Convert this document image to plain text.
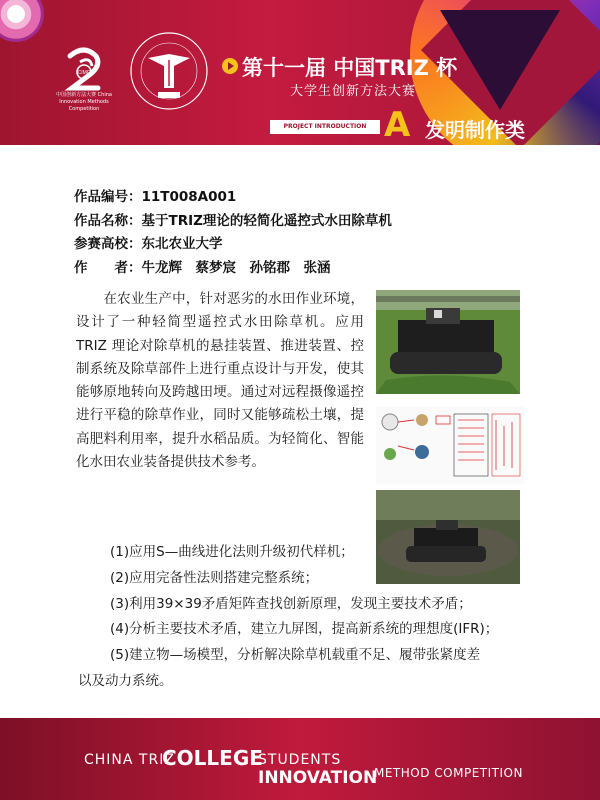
CIMC
中国创新方法大赛 China Innovation Methods Competition
第十一届 中国TRIZ 杯
大学生创新方法大赛
PROJECT INTRODUCTION A 发明制作类
作品编号：11T008A001
作品名称：基于TRIZ理论的轻简化遥控式水田除草机
参赛高校：东北农业大学
作　　者：牛龙辉　蔡梦宸　孙铭郡　张涵
　　在农业生产中，针对恶劣的水田作业环境，设计了一种轻简型遥控式水田除草机。应用 TRIZ 理论对除草机的悬挂装置、推进装置、控制系统及除草部件上进行重点设计与开发，使其能够原地转向及跨越田埂。通过对远程摄像遥控进行平稳的除草作业，同时又能够疏松土壤，提高肥料利用率，提升水稻品质。为轻简化、智能化水田农业装备提供技术参考。
(1)应用S—曲线进化法则升级初代样机；
(2)应用完备性法则搭建完整系统；
(3)利用39×39矛盾矩阵查找创新原理，发现主要技术矛盾；
(4)分析主要技术矛盾，建立九屏图，提高新系统的理想度(IFR)；
(5)建立物—场模型，分析解决除草机载重不足、履带张紧度差
以及动力系统。
CHINA TRIZ
COLLEGE
STUDENTS
INNOVATION
METHOD COMPETITION
